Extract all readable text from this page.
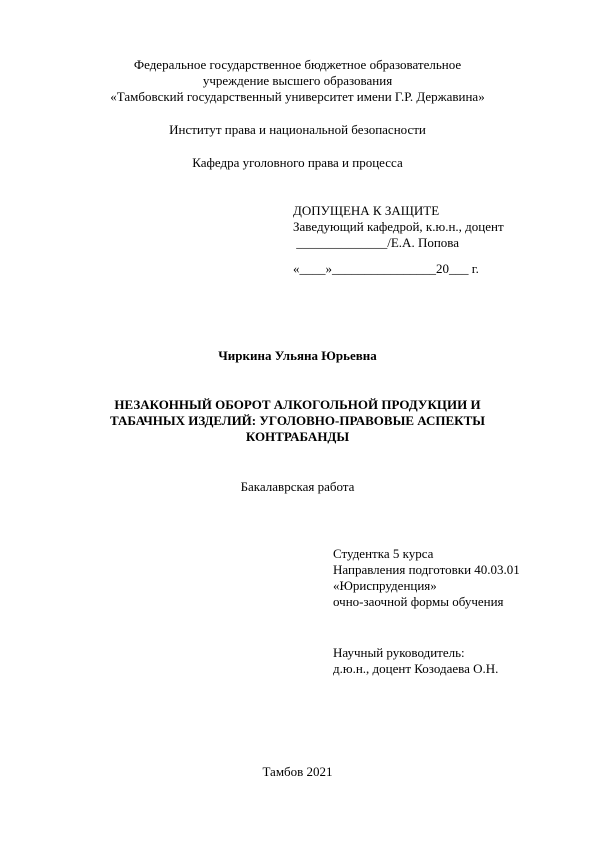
Федеральное государственное бюджетное образовательное
учреждение высшего образования
«Тамбовский государственный университет имени Г.Р. Державина»
Институт права и национальной безопасности
Кафедра уголовного права и процесса
ДОПУЩЕНА К ЗАЩИТЕ
Заведующий кафедрой, к.ю.н., доцент
______________/Е.А. Попова
«____»________________20___ г.
Чиркина Ульяна Юрьевна
НЕЗАКОННЫЙ ОБОРОТ АЛКОГОЛЬНОЙ ПРОДУКЦИИ И
ТАБАЧНЫХ ИЗДЕЛИЙ: УГОЛОВНО-ПРАВОВЫЕ АСПЕКТЫ
КОНТРАБАНДЫ
Бакалаврская работа
Студентка 5 курса
Направления подготовки 40.03.01
«Юриспруденция»
очно-заочной формы обучения
Научный руководитель:
д.ю.н., доцент Козодаева О.Н.
Тамбов 2021
